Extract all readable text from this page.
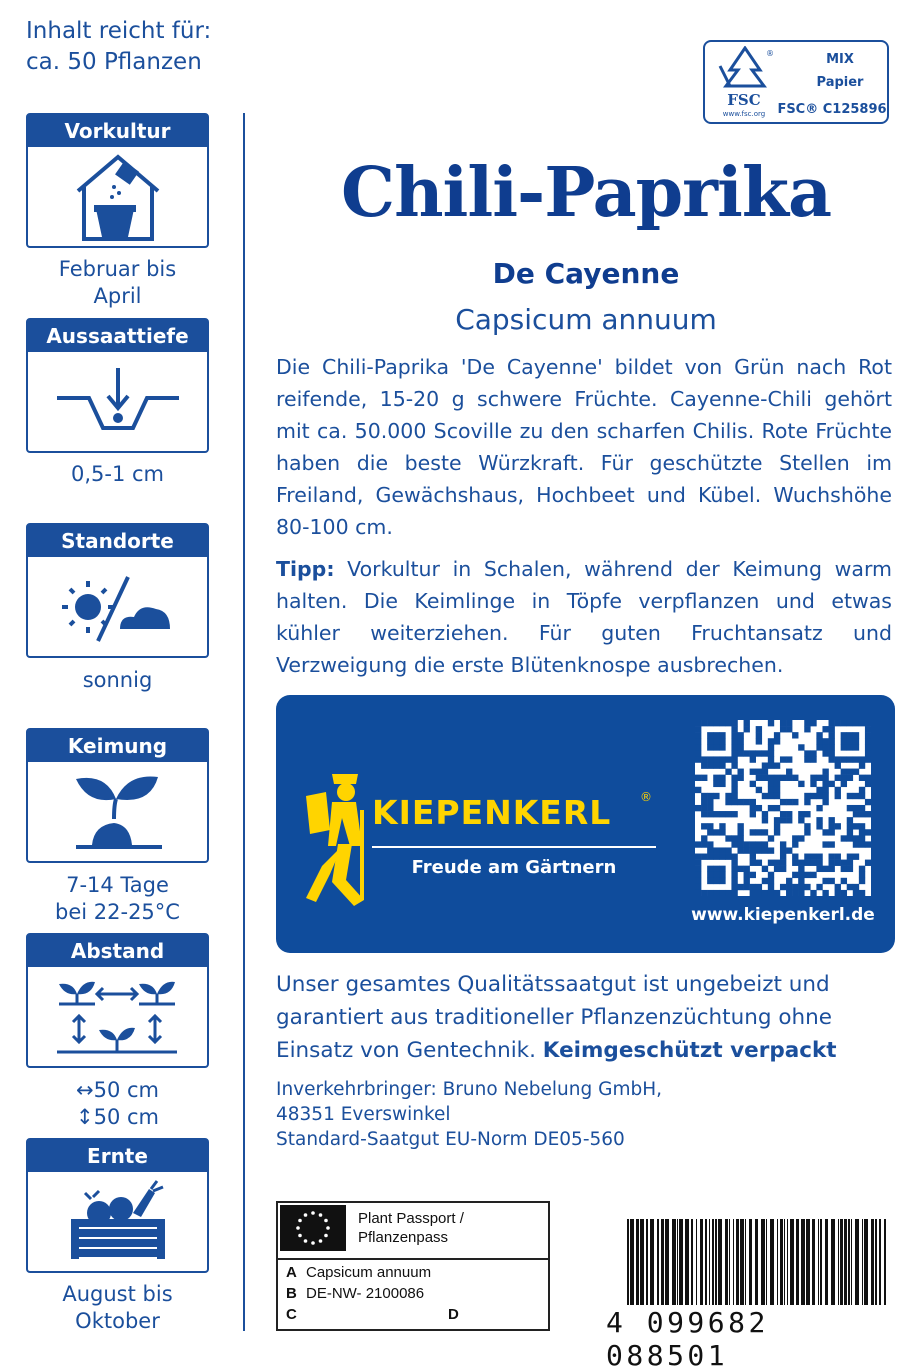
Inhalt reicht für:
ca. 50 Pflanzen
Vorkultur
Februar bis
April
Aussaattiefe
0,5-1 cm
Standorte
sonnig
Keimung
7-14 Tage
bei 22-25°C
Abstand
↔50 cm
↕50 cm
Ernte
August bis
Oktober
®
FSC
www.fsc.org
MIX
Papier
FSC® C125896
Chili-Paprika
De Cayenne
Capsicum annuum
Die Chili-Paprika 'De Cayenne' bildet von Grün nach Rot reifende, 15-20 g schwere Früchte. Cayenne-Chili gehört mit ca. 50.000 Scoville zu den scharfen Chilis. Rote Früchte haben die beste Würzkraft. Für geschützte Stellen im Freiland, Gewächshaus, Hochbeet und Kübel. Wuchshöhe 80-100 cm.
Tipp: Vorkultur in Schalen, während der Keimung warm halten. Die Keimlinge in Töpfe verpflanzen und etwas kühler weiterziehen. Für guten Fruchtansatz und Verzweigung die erste Blütenknospe ausbrechen.
KIEPENKERL ®
Freude am Gärtnern
www.kiepenkerl.de
Unser gesamtes Qualitätssaatgut ist ungebeizt und garantiert aus traditioneller Pflanzenzüchtung ohne Einsatz von Gentechnik. Keimgeschützt verpackt
Inverkehrbringer: Bruno Nebelung GmbH,
48351 Everswinkel
Standard-Saatgut EU-Norm DE05-560
Plant Passport /
Pflanzenpass
A Capsicum annuum
B DE-NW- 2100086
C	D	4 099682 088501
